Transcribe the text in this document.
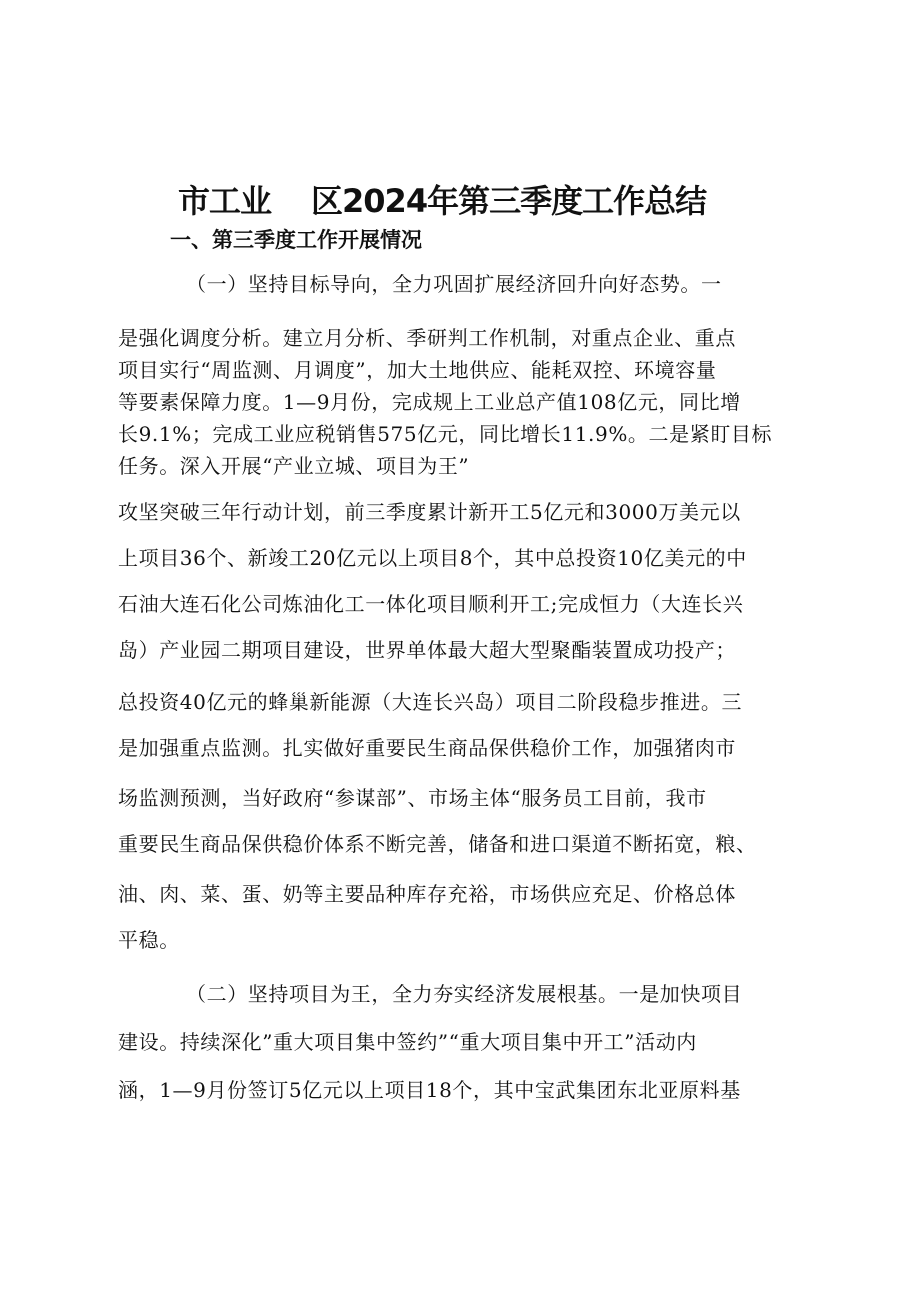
市工业 区2024年第三季度工作总结
一、第三季度工作开展情况
（一）坚持目标导向，全力巩固扩展经济回升向好态势。一
是强化调度分析。建立月分析、季研判工作机制，对重点企业、重点
项目实行“周监测、月调度”，加大土地供应、能耗双控、环境容量
等要素保障力度。1—9月份，完成规上工业总产值108亿元，同比增
长9.1%；完成工业应税销售575亿元，同比增长11.9%。二是紧盯目标
任务。深入开展“产业立城、项目为王”
攻坚突破三年行动计划，前三季度累计新开工5亿元和3000万美元以
上项目36个、新竣工20亿元以上项目8个，其中总投资10亿美元的中
石油大连石化公司炼油化工一体化项目顺利开工;完成恒力（大连长兴
岛）产业园二期项目建设，世界单体最大超大型聚酯装置成功投产；
总投资40亿元的蜂巢新能源（大连长兴岛）项目二阶段稳步推进。三
是加强重点监测。扎实做好重要民生商品保供稳价工作，加强猪肉市
场监测预测，当好政府“参谋部”、市场主体“服务员工目前，我市
重要民生商品保供稳价体系不断完善，储备和进口渠道不断拓宽，粮、
油、肉、菜、蛋、奶等主要品种库存充裕，市场供应充足、价格总体
平稳。
（二）坚持项目为王，全力夯实经济发展根基。一是加快项目
建设。持续深化”重大项目集中签约”“重大项目集中开工”活动内
涵，1—9月份签订5亿元以上项目18个，其中宝武集团东北亚原料基
